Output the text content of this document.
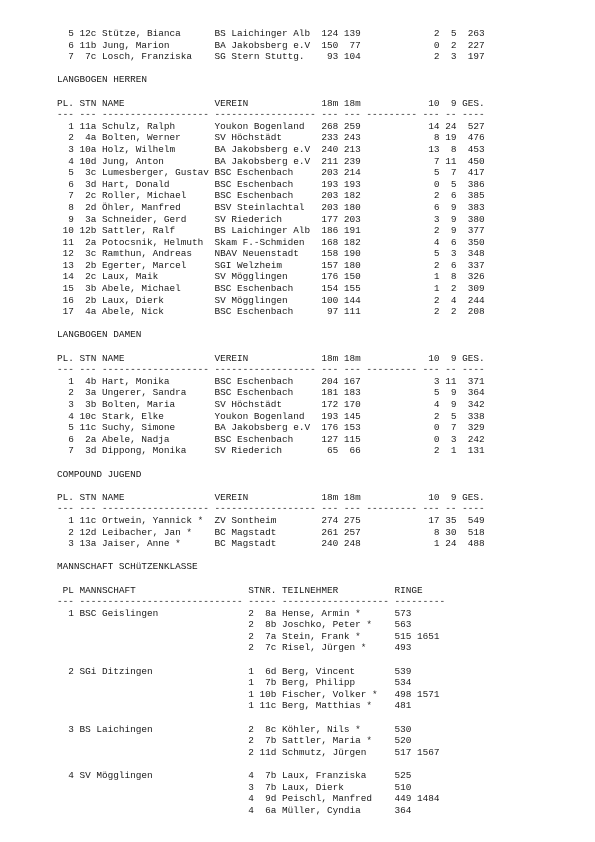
5 12c Stütze, Bianca      BS Laichinger Alb  124 139             2  5  263
6 11b Jung, Marion        BA Jakobsberg e.V  150  77             0  2  227
7  7c Losch, Franziska    SG Stern Stuttg.    93 104             2  3  197

LANGBOGEN HERREN

PL. STN NAME                VEREIN             18m 18m            10  9 GES.
--- --- ------------------- ------------------ --- --- --------- --- -- ----
1 11a Schulz, Ralph       Youkon Bogenland   268 259            14 24  527
2  4a Bolten, Werner      SV Höchstädt       233 243             8 19  476
3 10a Holz, Wilhelm       BA Jakobsberg e.V  240 213            13  8  453
4 10d Jung, Anton         BA Jakobsberg e.V  211 239             7 11  450
5  3c Lumesberger, Gustav BSC Eschenbach     203 214             5  7  417
6  3d Hart, Donald        BSC Eschenbach     193 193             0  5  386
7  2c Roller, Michael     BSC Eschenbach     203 182             2  6  385
8  2d Öhler, Manfred      BSV Steinlachtal   203 180             6  9  383
9  3a Schneider, Gerd     SV Riederich       177 203             3  9  380
10 12b Sattler, Ralf       BS Laichinger Alb  186 191             2  9  377
11  2a Potocsnik, Helmuth  Skam F.-Schmiden   168 182             4  6  350
12  3c Ramthun, Andreas    NBAV Neuenstadt    158 190             5  3  348
13  2b Egerter, Marcel     SGI Welzheim       157 180             2  6  337
14  2c Laux, Maik          SV Mögglingen      176 150             1  8  326
15  3b Abele, Michael      BSC Eschenbach     154 155             1  2  309
16  2b Laux, Dierk         SV Mögglingen      100 144             2  4  244
17  4a Abele, Nick         BSC Eschenbach      97 111             2  2  208

LANGBOGEN DAMEN

PL. STN NAME                VEREIN             18m 18m            10  9 GES.
--- --- ------------------- ------------------ --- --- --------- --- -- ----
1  4b Hart, Monika        BSC Eschenbach     204 167             3 11  371
2  3a Ungerer, Sandra     BSC Eschenbach     181 183             5  9  364
3  3b Bolten, Maria       SV Höchstädt       172 170             4  9  342
4 10c Stark, Elke         Youkon Bogenland   193 145             2  5  338
5 11c Suchy, Simone       BA Jakobsberg e.V  176 153             0  7  329
6  2a Abele, Nadja        BSC Eschenbach     127 115             0  3  242
7  3d Dippong, Monika     SV Riederich        65  66             2  1  131

COMPOUND JUGEND

PL. STN NAME                VEREIN             18m 18m            10  9 GES.
--- --- ------------------- ------------------ --- --- --------- --- -- ----
1 11c Ortwein, Yannick *  ZV Sontheim        274 275            17 35  549
2 12d Leibacher, Jan *    BC Magstadt        261 257             8 30  518
3 13a Jaiser, Anne *      BC Magstadt        240 248             1 24  488

MANNSCHAFT SCHüTZENKLASSE

PL MANNSCHAFT                    STNR. TEILNEHMER          RINGE
--- ----------------------------- ----- ------------------- ---------
1 BSC Geislingen                2  8a Hense, Armin *      573
2  8b Joschko, Peter *    563
2  7a Stein, Frank *      515 1651
2  7c Risel, Jürgen *     493

2 SGi Ditzingen                 1  6d Berg, Vincent       539
1  7b Berg, Philipp       534
1 10b Fischer, Volker *   498 1571
1 11c Berg, Matthias *    481

3 BS Laichingen                 2  8c Köhler, Nils *      530
2  7b Sattler, Maria *    520
2 11d Schmutz, Jürgen     517 1567

4 SV Mögglingen                 4  7b Laux, Franziska     525
3  7b Laux, Dierk         510
4  9d Peischl, Manfred    449 1484
4  6a Müller, Cyndia      364
